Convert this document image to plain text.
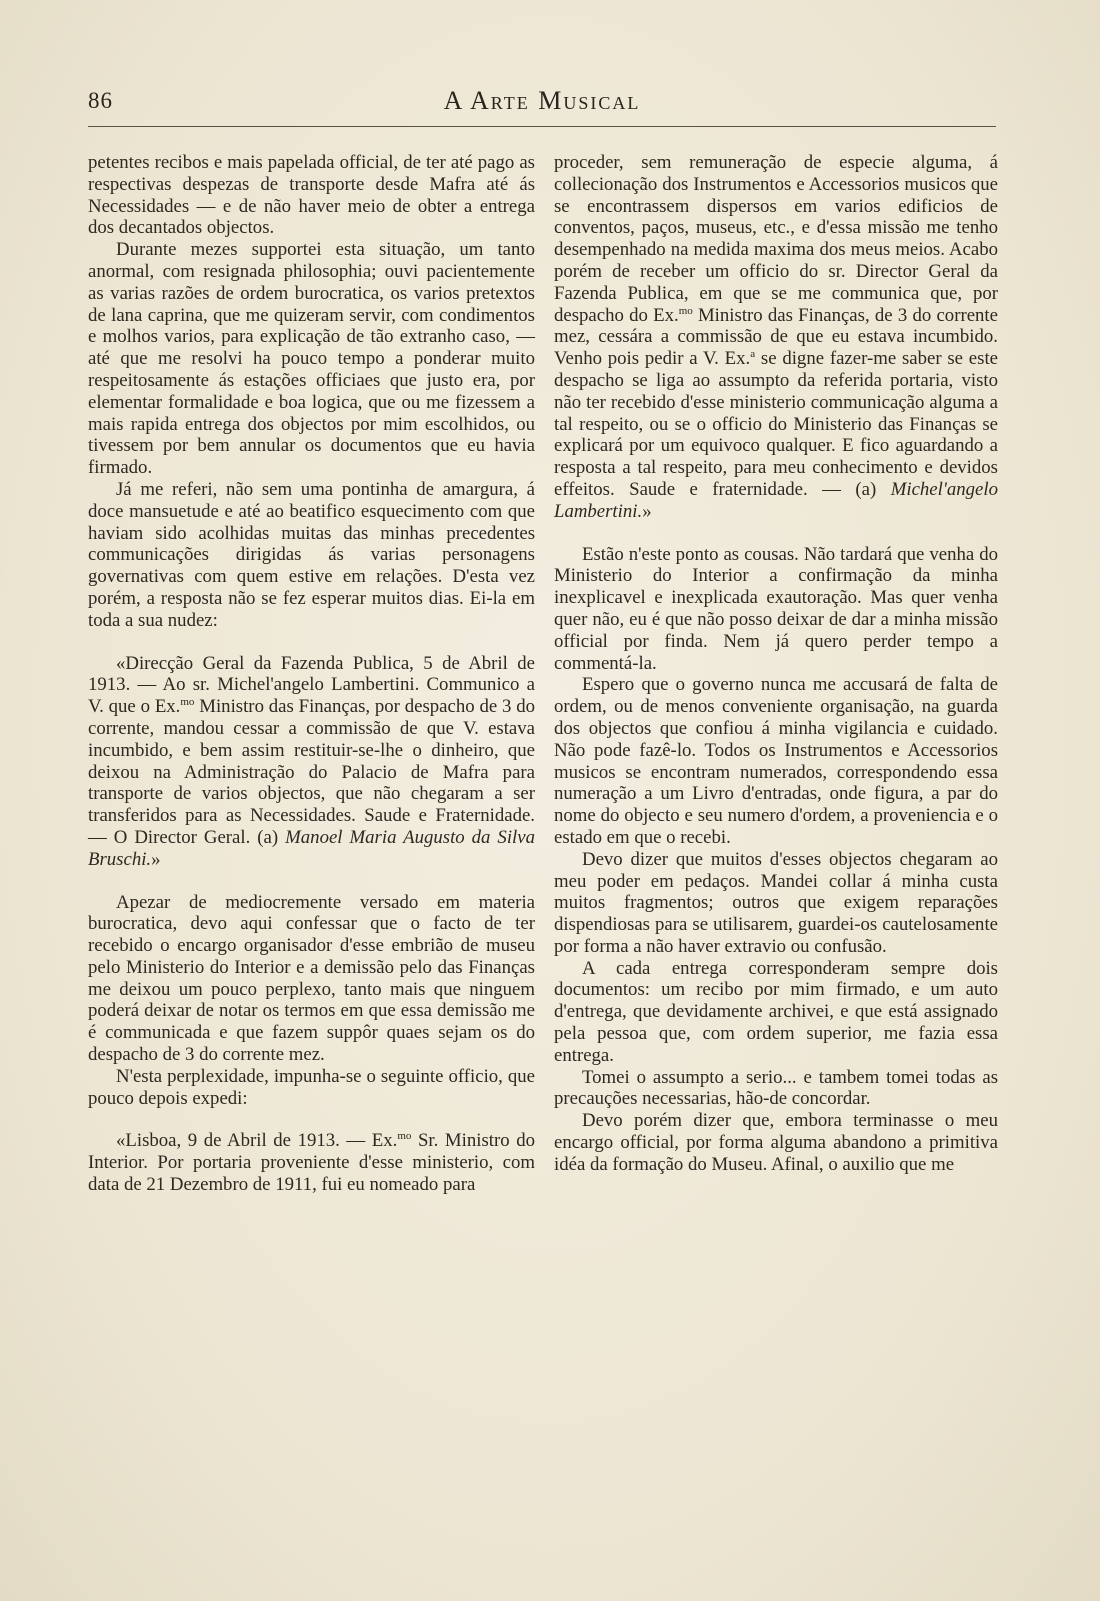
86	A Arte Musical

petentes recibos e mais papelada official, de ter até pago as respectivas despezas de transporte desde Mafra até ás Necessidades — e de não haver meio de obter a entrega dos decantados objectos.

Durante mezes supportei esta situação, um tanto anormal, com resignada philosophia; ouvi pacientemente as varias razões de ordem burocratica, os varios pretextos de lana caprina, que me quizeram servir, com condimentos e molhos varios, para explicação de tão extranho caso, — até que me resolvi ha pouco tempo a ponderar muito respeitosamente ás estações officiaes que justo era, por elementar formalidade e boa logica, que ou me fizessem a mais rapida entrega dos objectos por mim escolhidos, ou tivessem por bem annular os documentos que eu havia firmado.

Já me referi, não sem uma pontinha de amargura, á doce mansuetude e até ao beatifico esquecimento com que haviam sido acolhidas muitas das minhas precedentes communicações dirigidas ás varias personagens governativas com quem estive em relações. D'esta vez porém, a resposta não se fez esperar muitos dias. Ei-la em toda a sua nudez:

«Direcção Geral da Fazenda Publica, 5 de Abril de 1913. — Ao sr. Michel'angelo Lambertini. Communico a V. que o Ex.$^{mo}$ Ministro das Finanças, por despacho de 3 do corrente, mandou cessar a commissão de que V. estava incumbido, e bem assim restituir-se-lhe o dinheiro, que deixou na Administração do Palacio de Mafra para transporte de varios objectos, que não chegaram a ser transferidos para as Necessidades. Saude e Fraternidade. — O Director Geral. (a) Manoel Maria Augusto da Silva Bruschi.»

Apezar de mediocremente versado em materia burocratica, devo aqui confessar que o facto de ter recebido o encargo organisador d'esse embrião de museu pelo Ministerio do Interior e a demissão pelo das Finanças me deixou um pouco perplexo, tanto mais que ninguem poderá deixar de notar os termos em que essa demissão me é communicada e que fazem suppôr quaes sejam os do despacho de 3 do corrente mez.

N'esta perplexidade, impunha-se o seguinte officio, que pouco depois expedi:

«Lisboa, 9 de Abril de 1913. — Ex.$^{mo}$ Sr. Ministro do Interior. Por portaria proveniente d'esse ministerio, com data de 21 Dezembro de 1911, fui eu nomeado para

proceder, sem remuneração de especie alguma, á collecionação dos Instrumentos e Accessorios musicos que se encontrassem dispersos em varios edificios de conventos, paços, museus, etc., e d'essa missão me tenho desempenhado na medida maxima dos meus meios. Acabo porém de receber um officio do sr. Director Geral da Fazenda Publica, em que se me communica que, por despacho do Ex.$^{mo}$ Ministro das Finanças, de 3 do corrente mez, cessára a commissão de que eu estava incumbido. Venho pois pedir a V. Ex.$^a$ se digne fazer-me saber se este despacho se liga ao assumpto da referida portaria, visto não ter recebido d'esse ministerio communicação alguma a tal respeito, ou se o officio do Ministerio das Finanças se explicará por um equivoco qualquer. E fico aguardando a resposta a tal respeito, para meu conhecimento e devidos effeitos. Saude e fraternidade. — (a) Michel'angelo Lambertini.»

Estão n'este ponto as cousas. Não tardará que venha do Ministerio do Interior a confirmação da minha inexplicavel e inexplicada exautoração. Mas quer venha quer não, eu é que não posso deixar de dar a minha missão official por finda. Nem já quero perder tempo a commentá-la.

Espero que o governo nunca me accusará de falta de ordem, ou de menos conveniente organisação, na guarda dos objectos que confiou á minha vigilancia e cuidado. Não pode fazê-lo. Todos os Instrumentos e Accessorios musicos se encontram numerados, correspondendo essa numeração a um Livro d'entradas, onde figura, a par do nome do objecto e seu numero d'ordem, a proveniencia e o estado em que o recebi.

Devo dizer que muitos d'esses objectos chegaram ao meu poder em pedaços. Mandei collar á minha custa muitos fragmentos; outros que exigem reparações dispendiosas para se utilisarem, guardei-os cautelosamente por forma a não haver extravio ou confusão.

A cada entrega corresponderam sempre dois documentos: um recibo por mim firmado, e um auto d'entrega, que devidamente archivei, e que está assignado pela pessoa que, com ordem superior, me fazia essa entrega.

Tomei o assumpto a serio... e tambem tomei todas as precauções necessarias, hão-de concordar.

Devo porém dizer que, embora terminasse o meu encargo official, por forma alguma abandono a primitiva idéa da formação do Museu. Afinal, o auxilio que me
